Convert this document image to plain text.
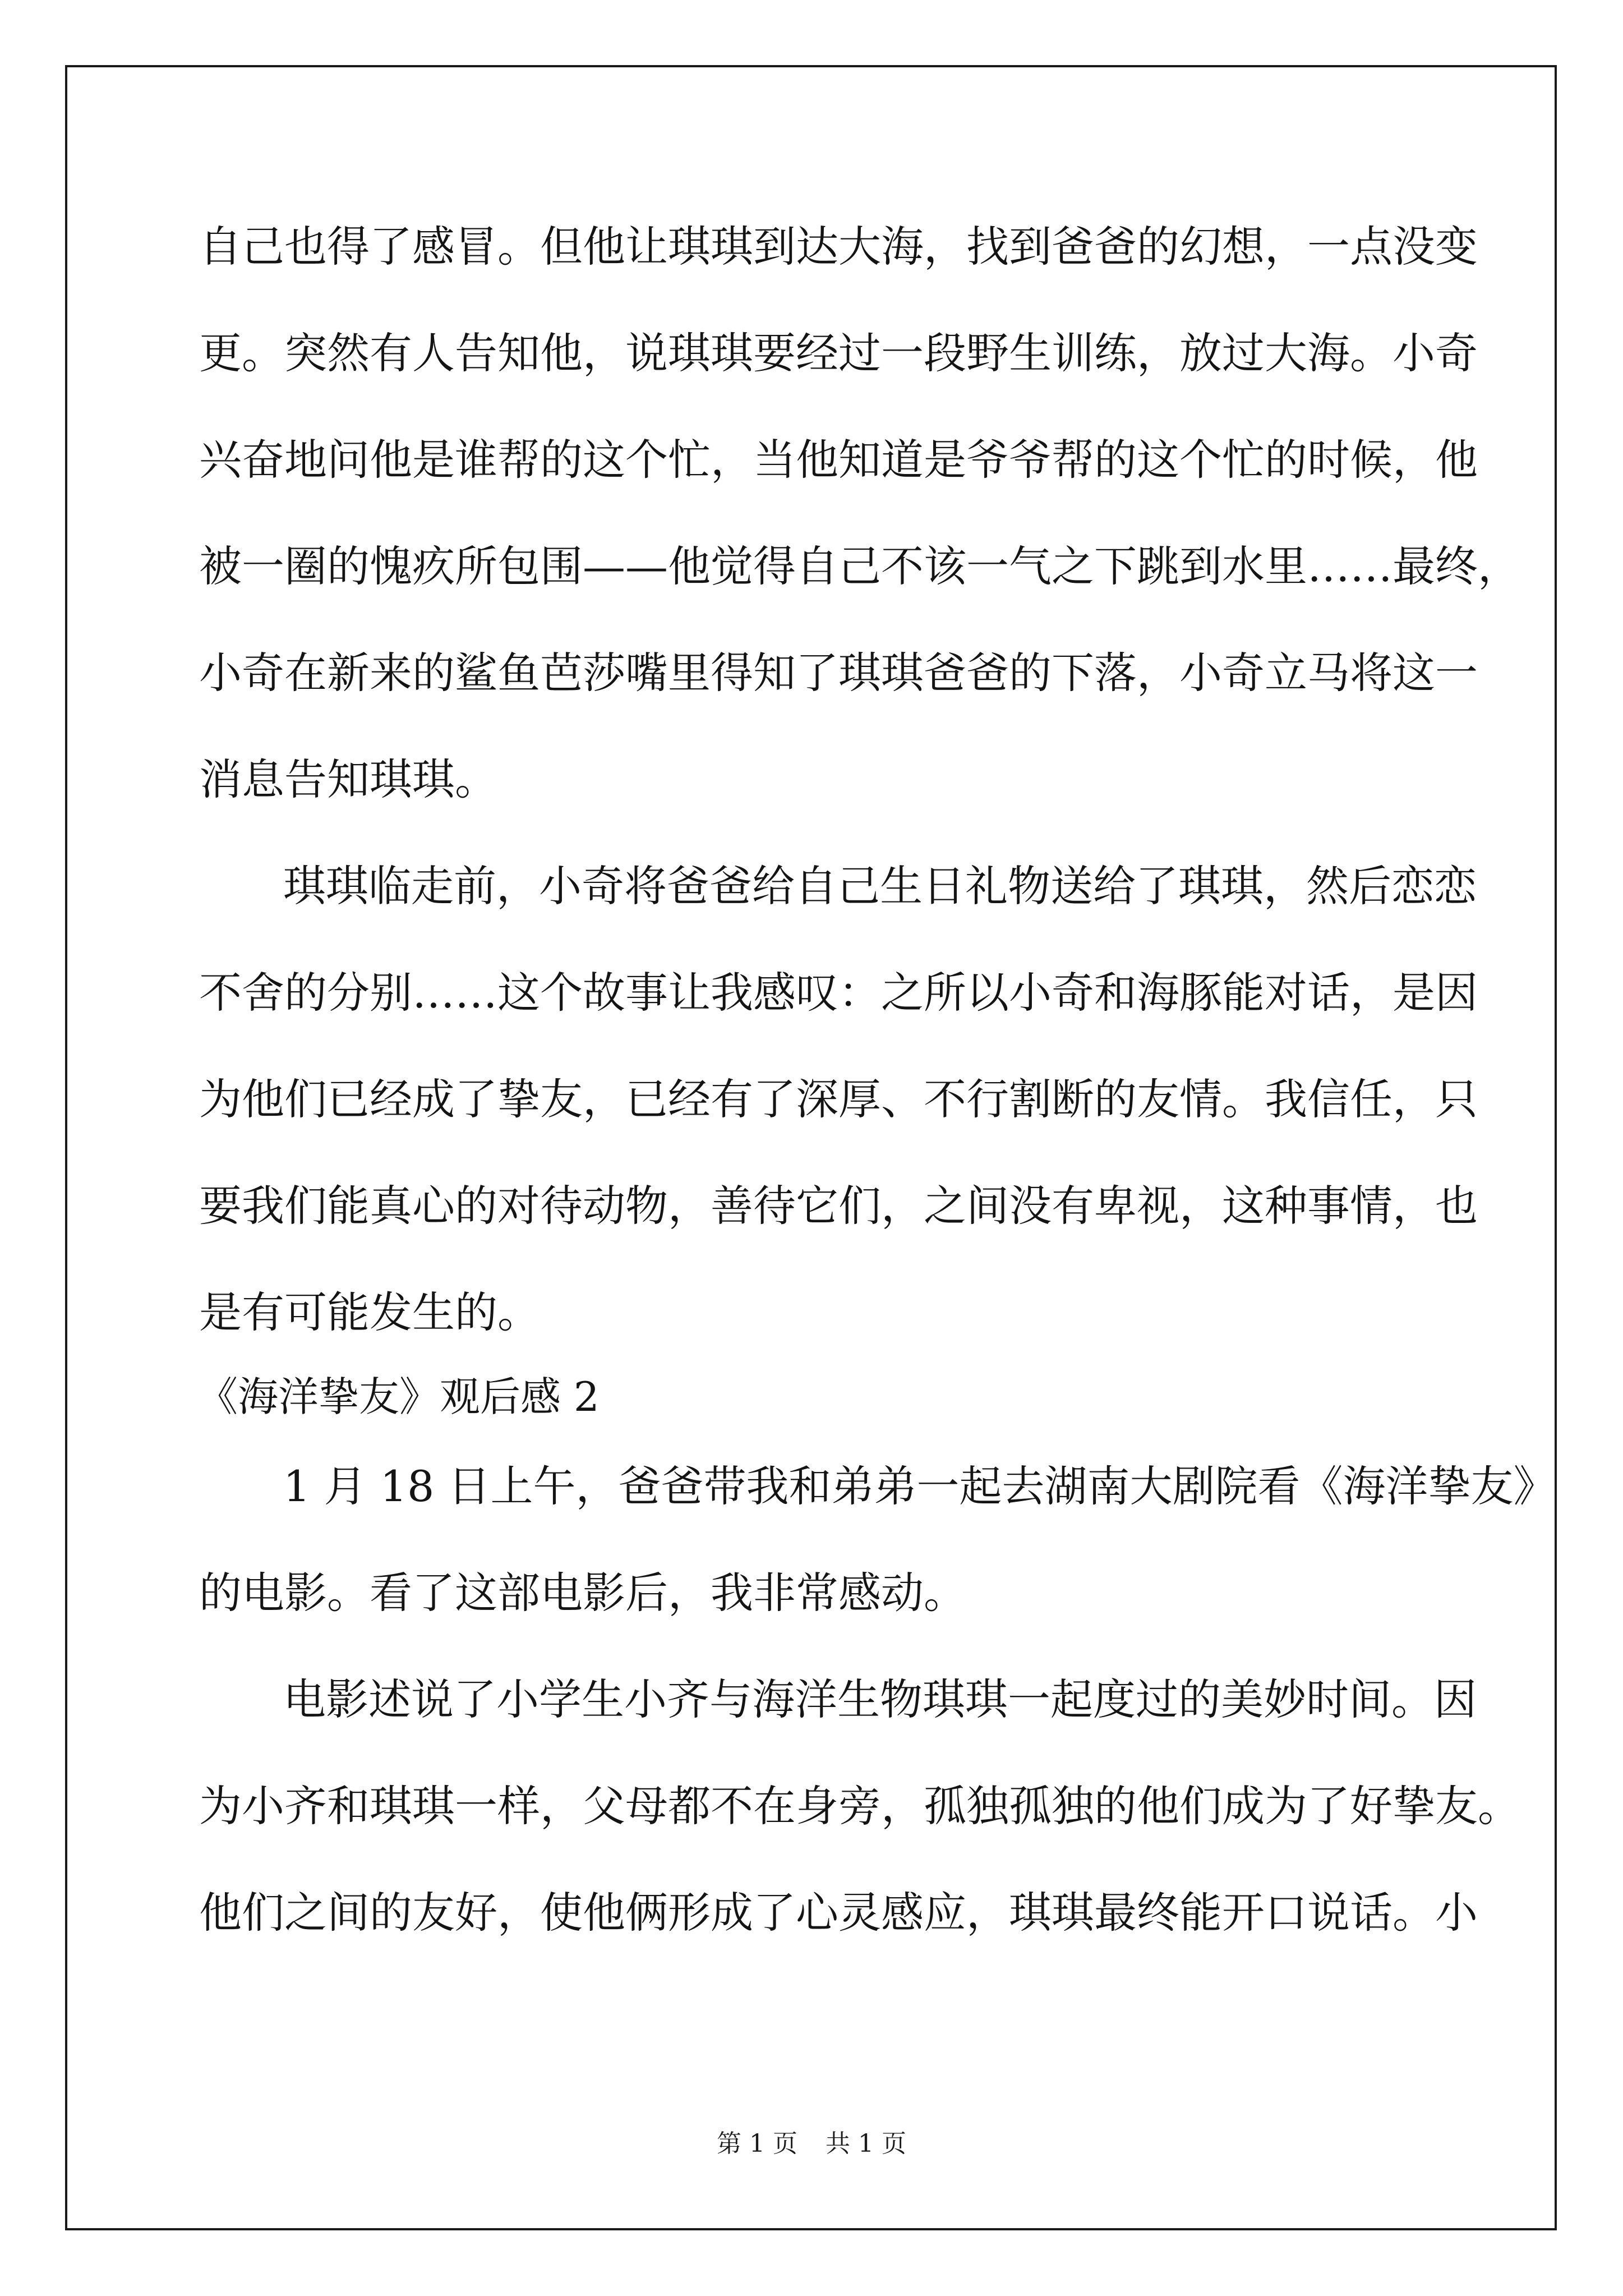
自己也得了感冒。但他让琪琪到达大海，找到爸爸的幻想，一点没变

更。突然有人告知他，说琪琪要经过一段野生训练，放过大海。小奇

兴奋地问他是谁帮的这个忙，当他知道是爷爷帮的这个忙的时候，他

被一圈的愧疚所包围——他觉得自己不该一气之下跳到水里……最终，

小奇在新来的鲨鱼芭莎嘴里得知了琪琪爸爸的下落，小奇立马将这一

消息告知琪琪。

琪琪临走前，小奇将爸爸给自己生日礼物送给了琪琪，然后恋恋

不舍的分别……这个故事让我感叹：之所以小奇和海豚能对话，是因

为他们已经成了挚友，已经有了深厚、不行割断的友情。我信任，只

要我们能真心的对待动物，善待它们，之间没有卑视，这种事情，也

是有可能发生的。

《海洋挚友》观后感 2

1 月 18 日上午，爸爸带我和弟弟一起去湖南大剧院看《海洋挚友》

的电影。看了这部电影后，我非常感动。

电影述说了小学生小齐与海洋生物琪琪一起度过的美妙时间。因

为小齐和琪琪一样，父母都不在身旁，孤独孤独的他们成为了好挚友。

他们之间的友好，使他俩形成了心灵感应，琪琪最终能开口说话。小

第 1 页 共 1 页
